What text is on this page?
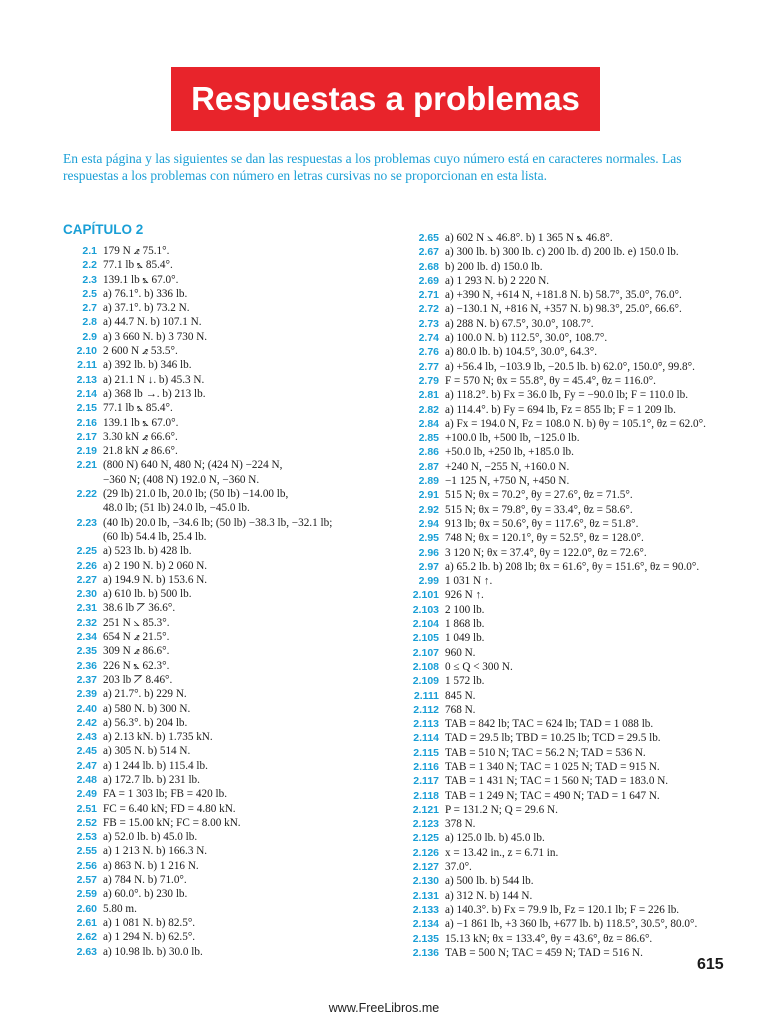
Respuestas a problemas

En esta página y las siguientes se dan las respuestas a los problemas cuyo número está en caracteres normales. Las respuestas a los problemas con número en letras cursivas no se proporcionan en esta lista.

CAPÍTULO 2
2.1 179 N ⦨ 75.1°.
2.2 77.1 lb ⦩ 85.4°.
2.3 139.1 lb ⦩ 67.0°.
2.5 a) 76.1°. b) 336 lb.
2.7 a) 37.1°. b) 73.2 N.
2.8 a) 44.7 N. b) 107.1 N.
2.9 a) 3 660 N. b) 3 730 N.
2.10 2 600 N ⦨ 53.5°.
2.11 a) 392 lb. b) 346 lb.
2.13 a) 21.1 N ↓. b) 45.3 N.
2.14 a) 368 lb →. b) 213 lb.
2.15 77.1 lb ⦩ 85.4°.
2.16 139.1 lb ⦩ 67.0°.
2.17 3.30 kN ⦨ 66.6°.
2.19 21.8 kN ⦨ 86.6°.
2.21 (800 N) 640 N, 480 N; (424 N) −224 N,
−360 N; (408 N) 192.0 N, −360 N.
2.22 (29 lb) 21.0 lb, 20.0 lb; (50 lb) −14.00 lb,
48.0 lb; (51 lb) 24.0 lb, −45.0 lb.
2.23 (40 lb) 20.0 lb, −34.6 lb; (50 lb) −38.3 lb, −32.1 lb;
(60 lb) 54.4 lb, 25.4 lb.
2.25 a) 523 lb. b) 428 lb.
2.26 a) 2 190 N. b) 2 060 N.
2.27 a) 194.9 N. b) 153.6 N.
2.30 a) 610 lb. b) 500 lb.
2.31 38.6 lb ⦢ 36.6°.
2.32 251 N ⦣ 85.3°.
2.34 654 N ⦨ 21.5°.
2.35 309 N ⦨ 86.6°.
2.36 226 N ⦩ 62.3°.
2.37 203 lb ⦢ 8.46°.
2.39 a) 21.7°. b) 229 N.
2.40 a) 580 N. b) 300 N.
2.42 a) 56.3°. b) 204 lb.
2.43 a) 2.13 kN. b) 1.735 kN.
2.45 a) 305 N. b) 514 N.
2.47 a) 1 244 lb. b) 115.4 lb.
2.48 a) 172.7 lb. b) 231 lb.
2.49 FA = 1 303 lb; FB = 420 lb.
2.51 FC = 6.40 kN; FD = 4.80 kN.
2.52 FB = 15.00 kN; FC = 8.00 kN.
2.53 a) 52.0 lb. b) 45.0 lb.
2.55 a) 1 213 N. b) 166.3 N.
2.56 a) 863 N. b) 1 216 N.
2.57 a) 784 N. b) 71.0°.
2.59 a) 60.0°. b) 230 lb.
2.60 5.80 m.
2.61 a) 1 081 N. b) 82.5°.
2.62 a) 1 294 N. b) 62.5°.
2.63 a) 10.98 lb. b) 30.0 lb.
2.65 a) 602 N ⦣ 46.8°. b) 1 365 N ⦩ 46.8°.
2.67 a) 300 lb. b) 300 lb. c) 200 lb. d) 200 lb. e) 150.0 lb.
2.68 b) 200 lb. d) 150.0 lb.
2.69 a) 1 293 N. b) 2 220 N.
2.71 a) +390 N, +614 N, +181.8 N. b) 58.7°, 35.0°, 76.0°.
2.72 a) −130.1 N, +816 N, +357 N. b) 98.3°, 25.0°, 66.6°.
2.73 a) 288 N. b) 67.5°, 30.0°, 108.7°.
2.74 a) 100.0 N. b) 112.5°, 30.0°, 108.7°.
2.76 a) 80.0 lb. b) 104.5°, 30.0°, 64.3°.
2.77 a) +56.4 lb, −103.9 lb, −20.5 lb. b) 62.0°, 150.0°, 99.8°.
2.79 F = 570 N; θx = 55.8°, θy = 45.4°, θz = 116.0°.
2.81 a) 118.2°. b) Fx = 36.0 lb, Fy = −90.0 lb; F = 110.0 lb.
2.82 a) 114.4°. b) Fy = 694 lb, Fz = 855 lb; F = 1 209 lb.
2.84 a) Fx = 194.0 N, Fz = 108.0 N. b) θy = 105.1°, θz = 62.0°.
2.85 +100.0 lb, +500 lb, −125.0 lb.
2.86 +50.0 lb, +250 lb, +185.0 lb.
2.87 +240 N, −255 N, +160.0 N.
2.89 −1 125 N, +750 N, +450 N.
2.91 515 N; θx = 70.2°, θy = 27.6°, θz = 71.5°.
2.92 515 N; θx = 79.8°, θy = 33.4°, θz = 58.6°.
2.94 913 lb; θx = 50.6°, θy = 117.6°, θz = 51.8°.
2.95 748 N; θx = 120.1°, θy = 52.5°, θz = 128.0°.
2.96 3 120 N; θx = 37.4°, θy = 122.0°, θz = 72.6°.
2.97 a) 65.2 lb. b) 208 lb; θx = 61.6°, θy = 151.6°, θz = 90.0°.
2.99 1 031 N ↑.
2.101 926 N ↑.
2.103 2 100 lb.
2.104 1 868 lb.
2.105 1 049 lb.
2.107 960 N.
2.108 0 ≤ Q < 300 N.
2.109 1 572 lb.
2.111 845 N.
2.112 768 N.
2.113 TAB = 842 lb; TAC = 624 lb; TAD = 1 088 lb.
2.114 TAD = 29.5 lb; TBD = 10.25 lb; TCD = 29.5 lb.
2.115 TAB = 510 N; TAC = 56.2 N; TAD = 536 N.
2.116 TAB = 1 340 N; TAC = 1 025 N; TAD = 915 N.
2.117 TAB = 1 431 N; TAC = 1 560 N; TAD = 183.0 N.
2.118 TAB = 1 249 N; TAC = 490 N; TAD = 1 647 N.
2.121 P = 131.2 N; Q = 29.6 N.
2.123 378 N.
2.125 a) 125.0 lb. b) 45.0 lb.
2.126 x = 13.42 in., z = 6.71 in.
2.127 37.0°.
2.130 a) 500 lb. b) 544 lb.
2.131 a) 312 N. b) 144 N.
2.133 a) 140.3°. b) Fx = 79.9 lb, Fz = 120.1 lb; F = 226 lb.
2.134 a) −1 861 lb, +3 360 lb, +677 lb. b) 118.5°, 30.5°, 80.0°.
2.135 15.13 kN; θx = 133.4°, θy = 43.6°, θz = 86.6°.
2.136 TAB = 500 N; TAC = 459 N; TAD = 516 N.
615
www.FreeLibros.me
